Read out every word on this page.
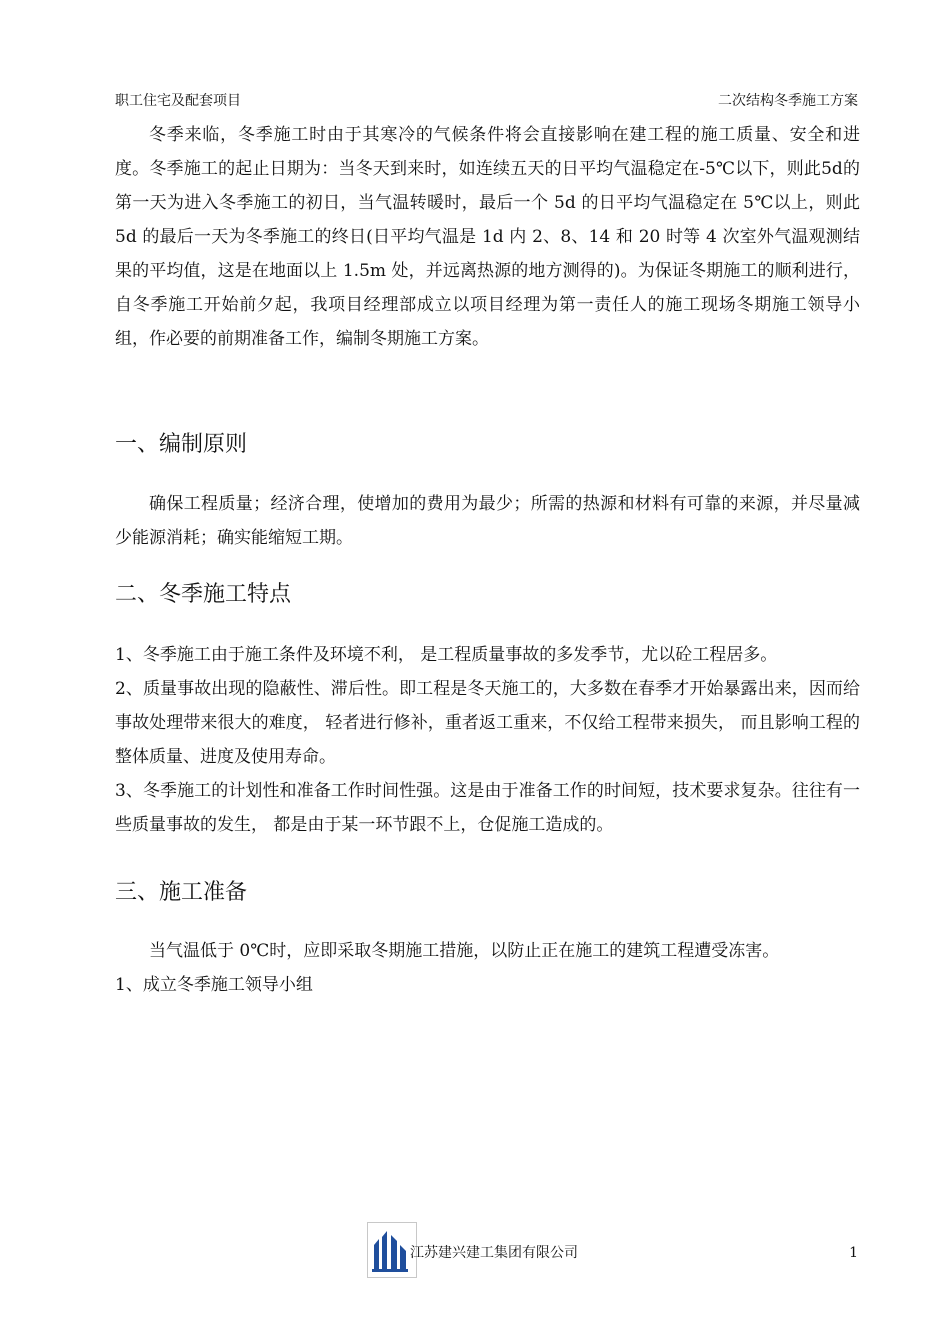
职工住宅及配套项目	二次结构冬季施工方案

冬季来临，冬季施工时由于其寒冷的气候条件将会直接影响在建工程的施工质量、安全和进度。冬季施工的起止日期为：当冬天到来时，如连续五天的日平均气温稳定在-5℃以下，则此5d的第一天为进入冬季施工的初日，当气温转暖时，最后一个 5d 的日平均气温稳定在 5℃以上，则此 5d 的最后一天为冬季施工的终日(日平均气温是 1d 内 2、8、14 和 20 时等 4 次室外气温观测结果的平均值，这是在地面以上 1.5m 处，并远离热源的地方测得的)。为保证冬期施工的顺利进行，自冬季施工开始前夕起，我项目经理部成立以项目经理为第一责任人的施工现场冬期施工领导小组，作必要的前期准备工作，编制冬期施工方案。

一、编制原则

确保工程质量；经济合理，使增加的费用为最少；所需的热源和材料有可靠的来源，并尽量减少能源消耗；确实能缩短工期。

二、冬季施工特点

1、冬季施工由于施工条件及环境不利， 是工程质量事故的多发季节，尤以砼工程居多。

2、质量事故出现的隐蔽性、滞后性。即工程是冬天施工的，大多数在春季才开始暴露出来，因而给事故处理带来很大的难度， 轻者进行修补，重者返工重来，不仅给工程带来损失， 而且影响工程的整体质量、进度及使用寿命。

3、冬季施工的计划性和准备工作时间性强。这是由于准备工作的时间短，技术要求复杂。往往有一些质量事故的发生， 都是由于某一环节跟不上，仓促施工造成的。

三、施工准备

当气温低于 0℃时，应即采取冬期施工措施，以防止正在施工的建筑工程遭受冻害。

1、成立冬季施工领导小组

江苏建兴建工集团有限公司	1
